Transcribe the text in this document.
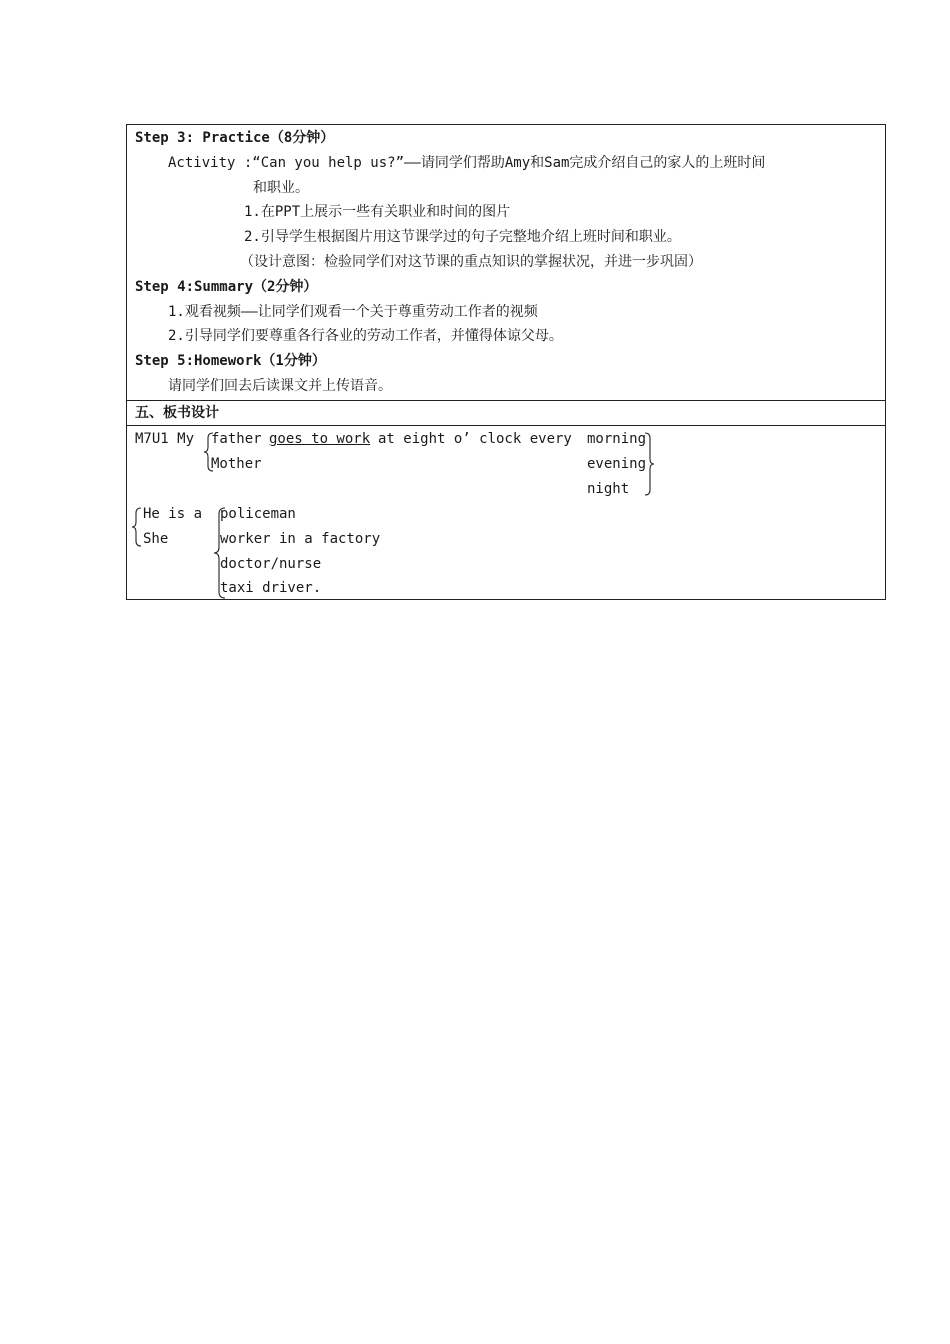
Step 3: Practice（8分钟）
Activity :“Can you help us?”——请同学们帮助Amy和Sam完成介绍自己的家人的上班时间
和职业。
1.在PPT上展示一些有关职业和时间的图片
2.引导学生根据图片用这节课学过的句子完整地介绍上班时间和职业。
（设计意图：检验同学们对这节课的重点知识的掌握状况，并进一步巩固）
Step 4:Summary（2分钟）
1.观看视频——让同学们观看一个关于尊重劳动工作者的视频
2.引导同学们要尊重各行各业的劳动工作者，并懂得体谅父母。
Step 5:Homework（1分钟）
请同学们回去后读课文并上传语音。
五、板书设计
M7U1 My father
Mother
goes to work at eight o’ clock every morning
evening
night
He is a
She
policeman
worker in a factory
doctor/nurse
taxi driver.
